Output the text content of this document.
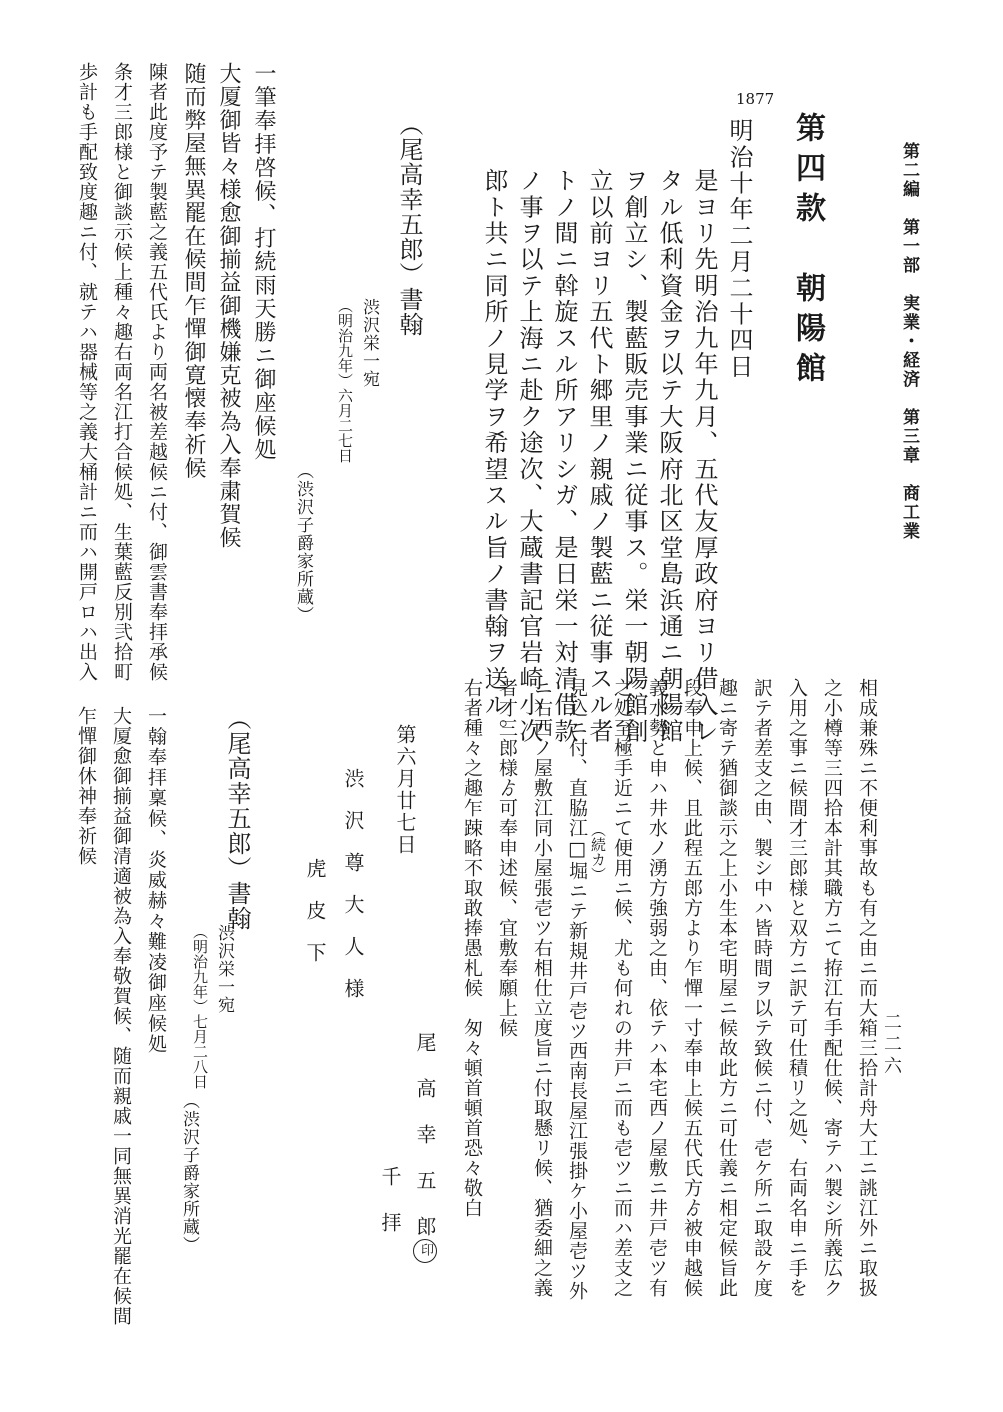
第二編　第一部　実業・経済　第三章　商工業
二二六
第四款　朝陽館
1877
明治十年二月二十四日
是ヨリ先明治九年九月、五代友厚政府ヨリ借入レ
タル低利資金ヲ以テ大阪府北区堂島浜通ニ朝陽館
ヲ創立シ、製藍販売事業ニ従事ス。栄一朝陽館創
立以前ヨリ五代ト郷里ノ親戚ノ製藍ニ従事スル者
トノ間ニ斡旋スル所アリシガ、是日栄一対清借款
ノ事ヲ以テ上海ニ赴ク途次、大蔵書記官岩崎小次
郎ト共ニ同所ノ見学ヲ希望スル旨ノ書翰ヲ送ル。
（尾高幸五郎）書翰
渋沢栄一宛
（明治九年）六月二七日
（渋沢子爵家所蔵）
一筆奉拝啓候、打続雨天勝ニ御座候処
大厦御皆々様愈御揃益御機嫌克被為入奉粛賀候
随而弊屋無異罷在候間乍憚御寛懐奉祈候
陳者此度予テ製藍之義五代氏より両名被差越候ニ付、御雲書奉拝承候
条才三郎様と御談示候上種々趣右両名江打合候処、生葉藍反別弐拾町
歩計も手配致度趣ニ付、就テハ器械等之義大桶計ニ而ハ開戸ロハ出入
相成兼殊ニ不便利事故も有之由ニ而大箱三拾計舟大工ニ誂江外ニ取扱
之小樽等三四拾本計其職方ニて拵江右手配仕候、寄テハ製シ所義広ク
入用之事ニ候間才三郎様と双方ニ訳テ可仕積リ之処、右両名申ニ手を
訳テ者差支之由、製シ中ハ皆時間ヲ以テ致候ニ付、壱ケ所ニ取設ケ度
趣ニ寄テ猶御談示之上小生本宅明屋ニ候故此方ニ可仕義ニ相定候旨此
段奉申上候、且此程五郎方より乍憚一寸奉申上候五代氏方ゟ被申越候
義水勢と申ハ井水ノ湧方強弱之由、依テハ本宅西ノ屋敷ニ井戸壱ツ有
之処至極手近ニて便用ニ候、尤も何れの井戸ニ而も壱ツニ而ハ差支之
（続カ）
見込ニ付、直脇江□堀ニテ新規井戸壱ツ西南長屋江張掛ケ小屋壱ツ外
ニ右西ノ屋敷江同小屋張壱ツ右相仕立度旨ニ付取懸リ候、猶委細之義
者才三郎様ゟ可奉申述候、宜敷奉願上候
右者種々之趣乍踈略不取敢捧愚札候　匆々頓首頓首恐々敬白
尾　高　幸　五　郎印
千　拝
第六月廿七日
渋　沢　尊　大　人　様
虎　皮　下
（尾高幸五郎）書翰
渋沢栄一宛
（明治九年）七月二八日
（渋沢子爵家所蔵）
一翰奉拝稟候、炎威赫々難凌御座候処
大厦愈御揃益御清適被為入奉敬賀候、随而親戚一同無異消光罷在候間
乍憚御休神奉祈候
